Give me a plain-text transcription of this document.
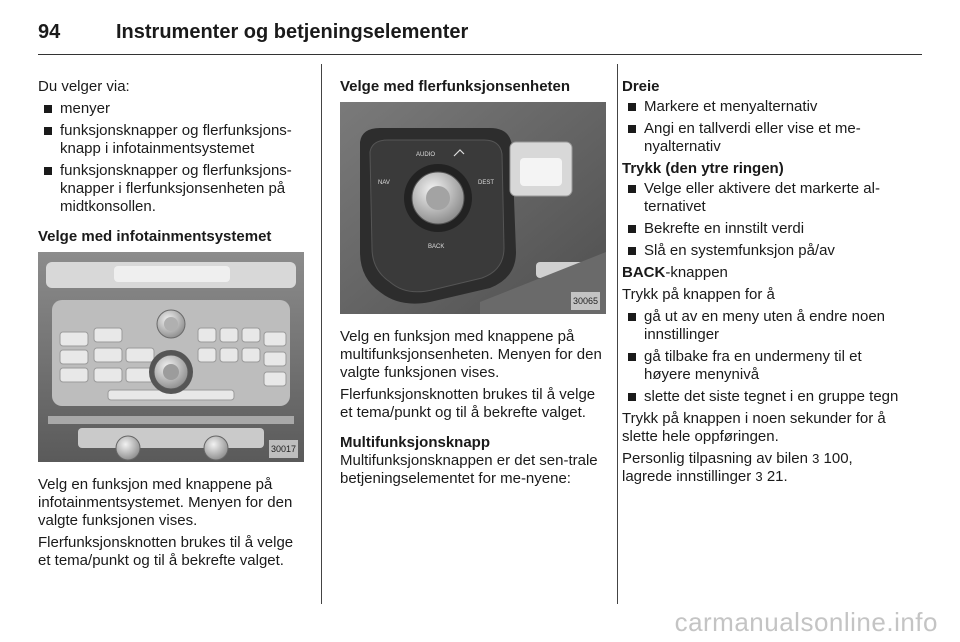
94	Instrumenter og betjeningselementer

Du velger via:

menyer
funksjonsknapper og flerfunksjons-knapp i infotainmentsystemet
funksjonsknapper og flerfunksjons-knapper i flerfunksjonsenheten på midtkonsollen.

Velge med infotainmentsystemet

30017

Velg en funksjon med knappene på infotainmentsystemet. Menyen for den valgte funksjonen vises.

Flerfunksjonsknotten brukes til å velge et tema/punkt og til å bekrefte valget.

Velge med flerfunksjonsenheten

AUDIO
NAV	DEST
BACK
30065

Velg en funksjon med knappene på multifunksjonsenheten. Menyen for den valgte funksjonen vises.

Flerfunksjonsknotten brukes til å velge et tema/punkt og til å bekrefte valget.

Multifunksjonsknapp

Multifunksjonsknappen er det sen-trale betjeningselementet for me-nyene:

Dreie

Markere et menyalternativ
Angi en tallverdi eller vise et me-nyalternativ

Trykk (den ytre ringen)

Velge eller aktivere det markerte al-ternativet
Bekrefte en innstilt verdi
Slå en systemfunksjon på/av

BACK-knappen

Trykk på knappen for å

gå ut av en meny uten å endre noen innstillinger
gå tilbake fra en undermeny til et høyere menynivå
slette det siste tegnet i en gruppe tegn

Trykk på knappen i noen sekunder for å slette hele oppføringen.

Personlig tilpasning av bilen 3 100,
lagrede innstillinger 3 21.

carmanualsonline.info
